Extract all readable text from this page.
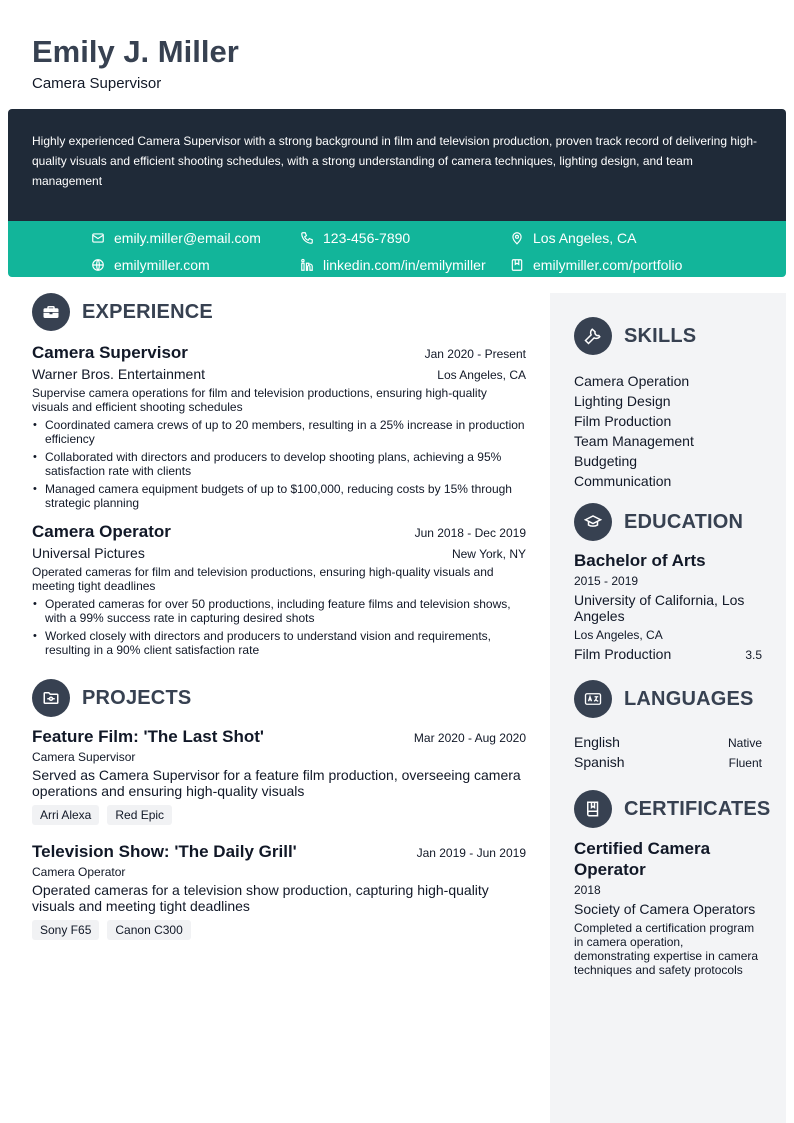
Emily J. Miller
Camera Supervisor
Highly experienced Camera Supervisor with a strong background in film and television production, proven track record of delivering high-quality visuals and efficient shooting schedules, with a strong understanding of camera techniques, lighting design, and team management
emily.miller@email.com	123-456-7890	Los Angeles, CA
emilymiller.com	linkedin.com/in/emilymiller	emilymiller.com/portfolio
EXPERIENCE
Camera Supervisor	Jan 2020 - Present
Warner Bros. Entertainment	Los Angeles, CA
Supervise camera operations for film and television productions, ensuring high-quality visuals and efficient shooting schedules
• Coordinated camera crews of up to 20 members, resulting in a 25% increase in production efficiency
• Collaborated with directors and producers to develop shooting plans, achieving a 95% satisfaction rate with clients
• Managed camera equipment budgets of up to $100,000, reducing costs by 15% through strategic planning
Camera Operator	Jun 2018 - Dec 2019
Universal Pictures	New York, NY
Operated cameras for film and television productions, ensuring high-quality visuals and meeting tight deadlines
• Operated cameras for over 50 productions, including feature films and television shows, with a 99% success rate in capturing desired shots
• Worked closely with directors and producers to understand vision and requirements, resulting in a 90% client satisfaction rate
PROJECTS
Feature Film: 'The Last Shot'	Mar 2020 - Aug 2020
Camera Supervisor
Served as Camera Supervisor for a feature film production, overseeing camera operations and ensuring high-quality visuals
Arri Alexa	Red Epic
Television Show: 'The Daily Grill'	Jan 2019 - Jun 2019
Camera Operator
Operated cameras for a television show production, capturing high-quality visuals and meeting tight deadlines
Sony F65	Canon C300
SKILLS
Camera Operation
Lighting Design
Film Production
Team Management
Budgeting
Communication
EDUCATION
Bachelor of Arts
2015 - 2019
University of California, Los Angeles
Los Angeles, CA
Film Production	3.5
LANGUAGES
English	Native
Spanish	Fluent
CERTIFICATES
Certified Camera Operator
2018
Society of Camera Operators
Completed a certification program in camera operation, demonstrating expertise in camera techniques and safety protocols
